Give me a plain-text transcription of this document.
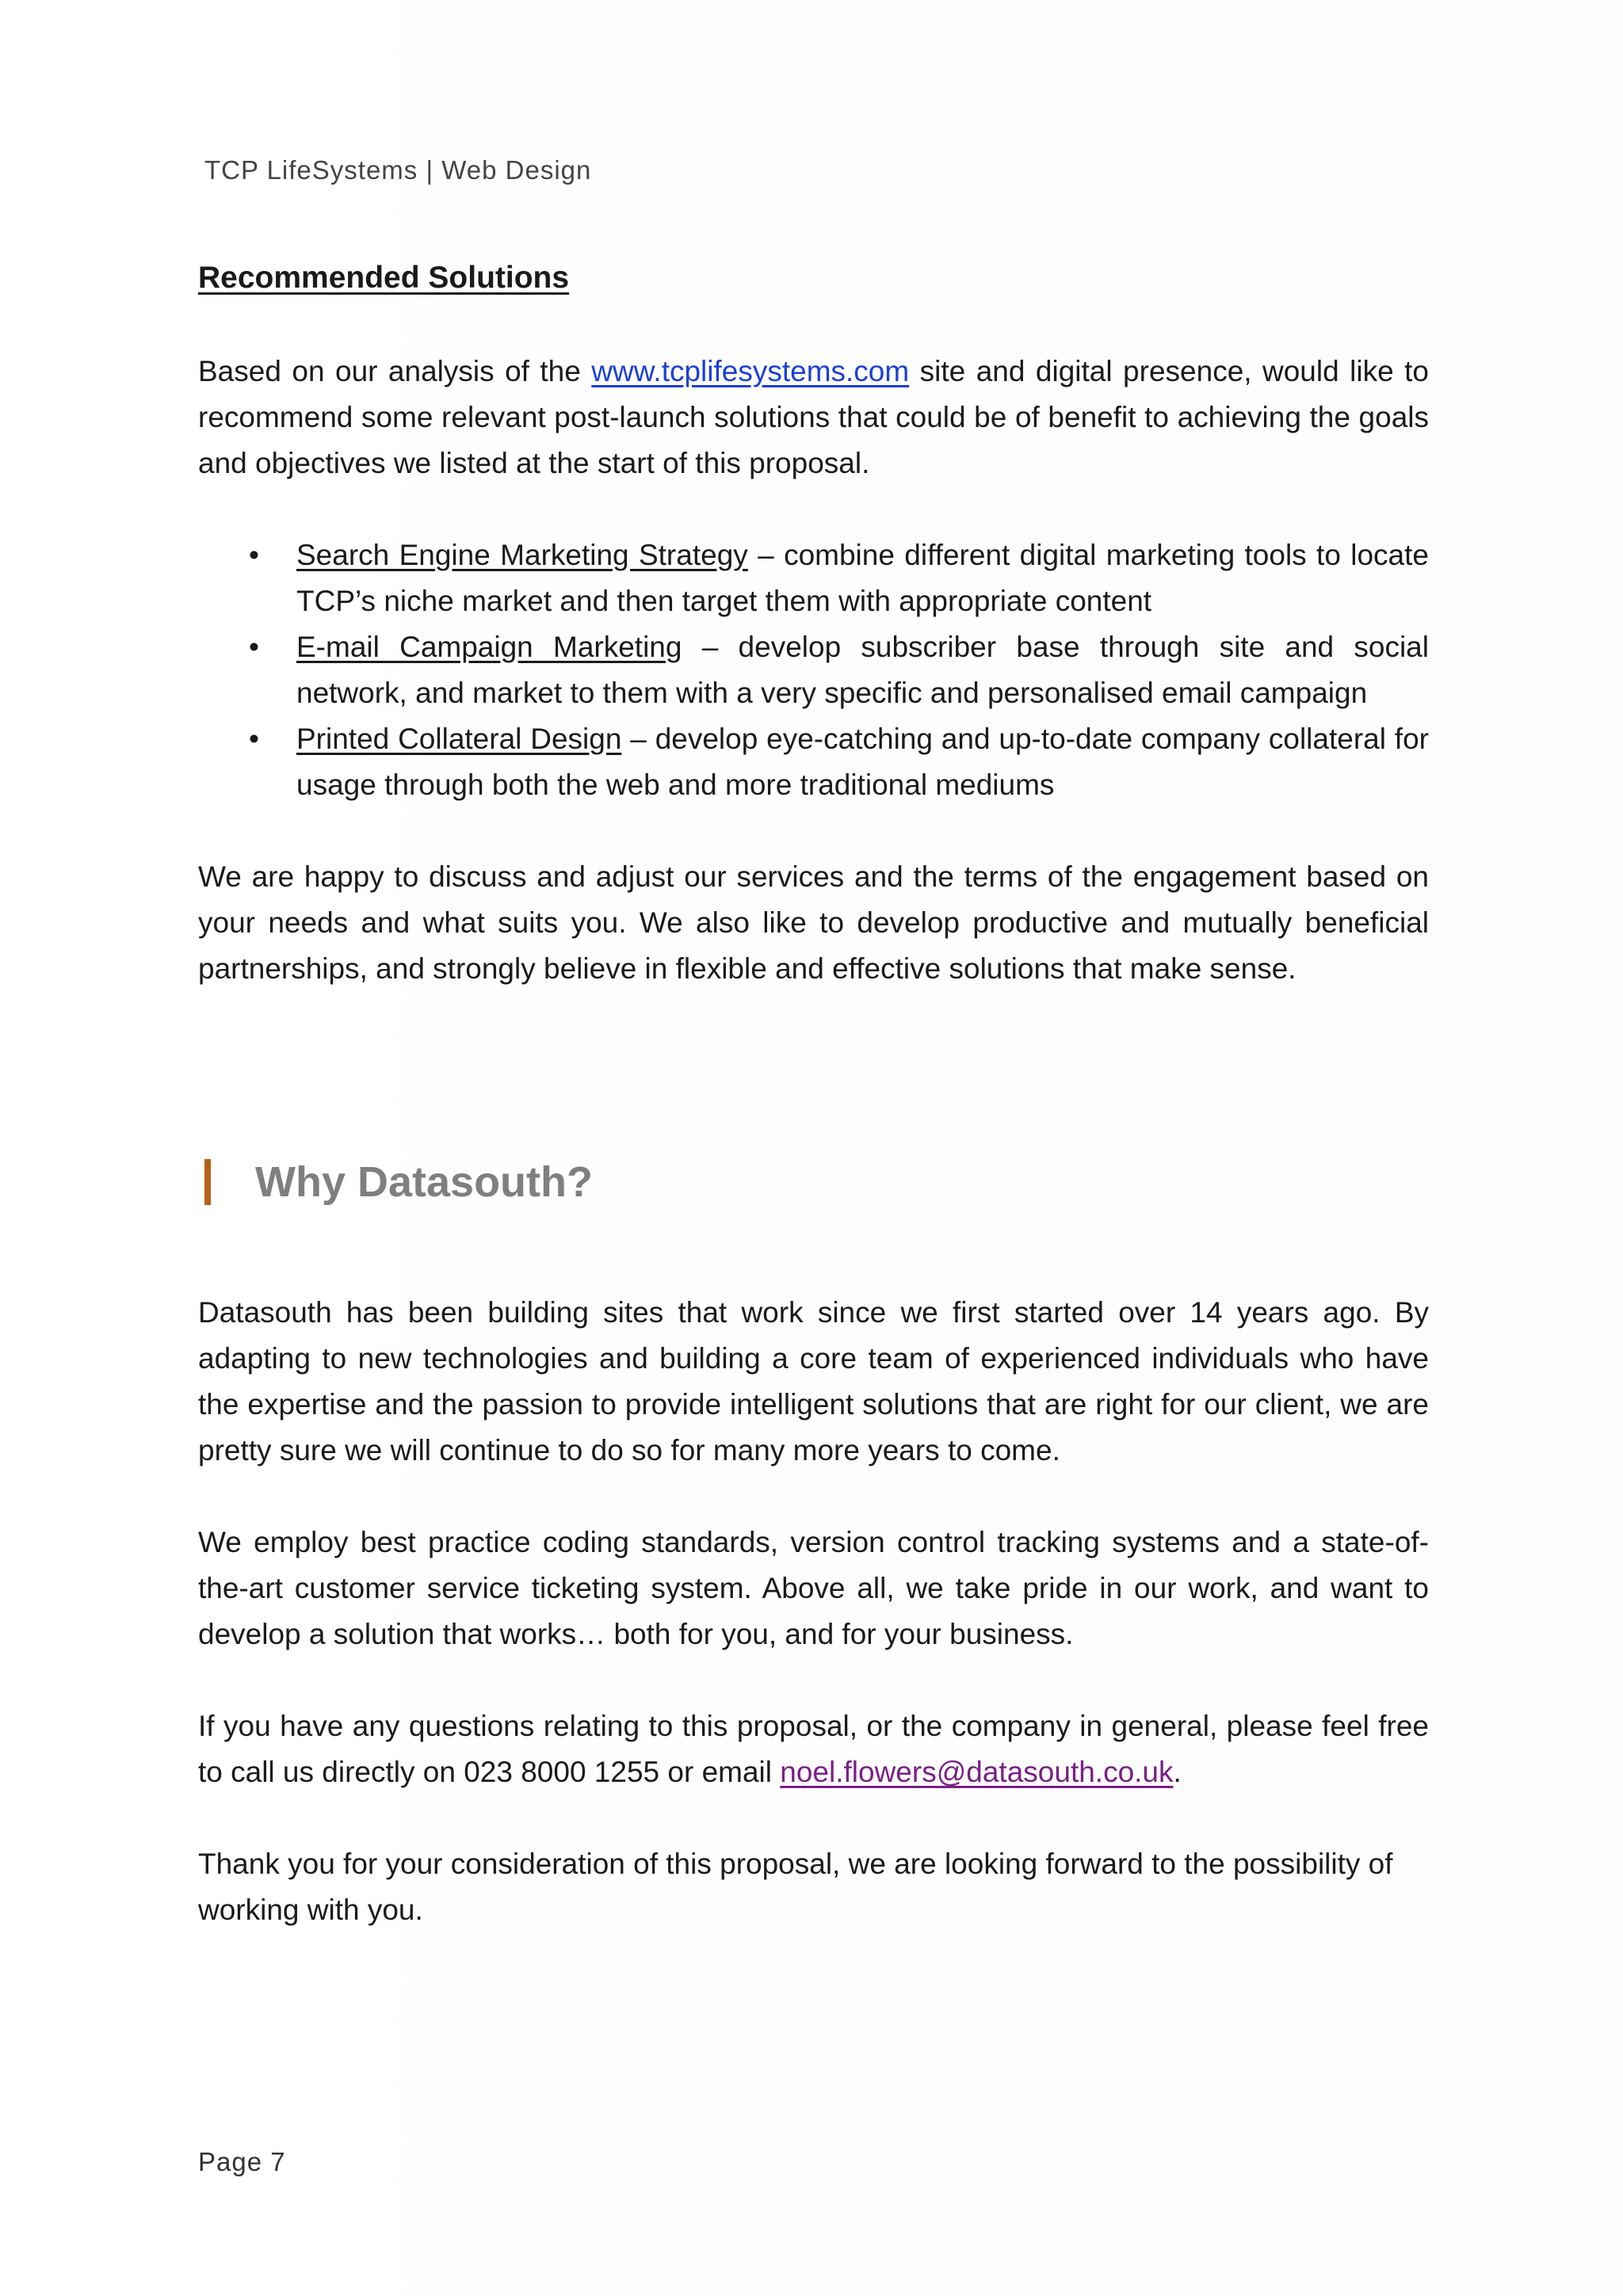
TCP LifeSystems | Web Design
Recommended Solutions

Based on our analysis of the www.tcplifesystems.com site and digital presence, would like to recommend some relevant post-launch solutions that could be of benefit to achieving the goals and objectives we listed at the start of this proposal.

• Search Engine Marketing Strategy – combine different digital marketing tools to locate TCP’s niche market and then target them with appropriate content
• E-mail Campaign Marketing – develop subscriber base through site and social network, and market to them with a very specific and personalised email campaign
• Printed Collateral Design – develop eye-catching and up-to-date company collateral for usage through both the web and more traditional mediums

We are happy to discuss and adjust our services and the terms of the engagement based on your needs and what suits you. We also like to develop productive and mutually beneficial partnerships, and strongly believe in flexible and effective solutions that make sense.

Why Datasouth?

Datasouth has been building sites that work since we first started over 14 years ago. By adapting to new technologies and building a core team of experienced individuals who have the expertise and the passion to provide intelligent solutions that are right for our client, we are pretty sure we will continue to do so for many more years to come.

We employ best practice coding standards, version control tracking systems and a state-of-the-art customer service ticketing system. Above all, we take pride in our work, and want to develop a solution that works… both for you, and for your business.

If you have any questions relating to this proposal, or the company in general, please feel free to call us directly on 023 8000 1255 or email noel.flowers@datasouth.co.uk.

Thank you for your consideration of this proposal, we are looking forward to the possibility of working with you.

Page 7
